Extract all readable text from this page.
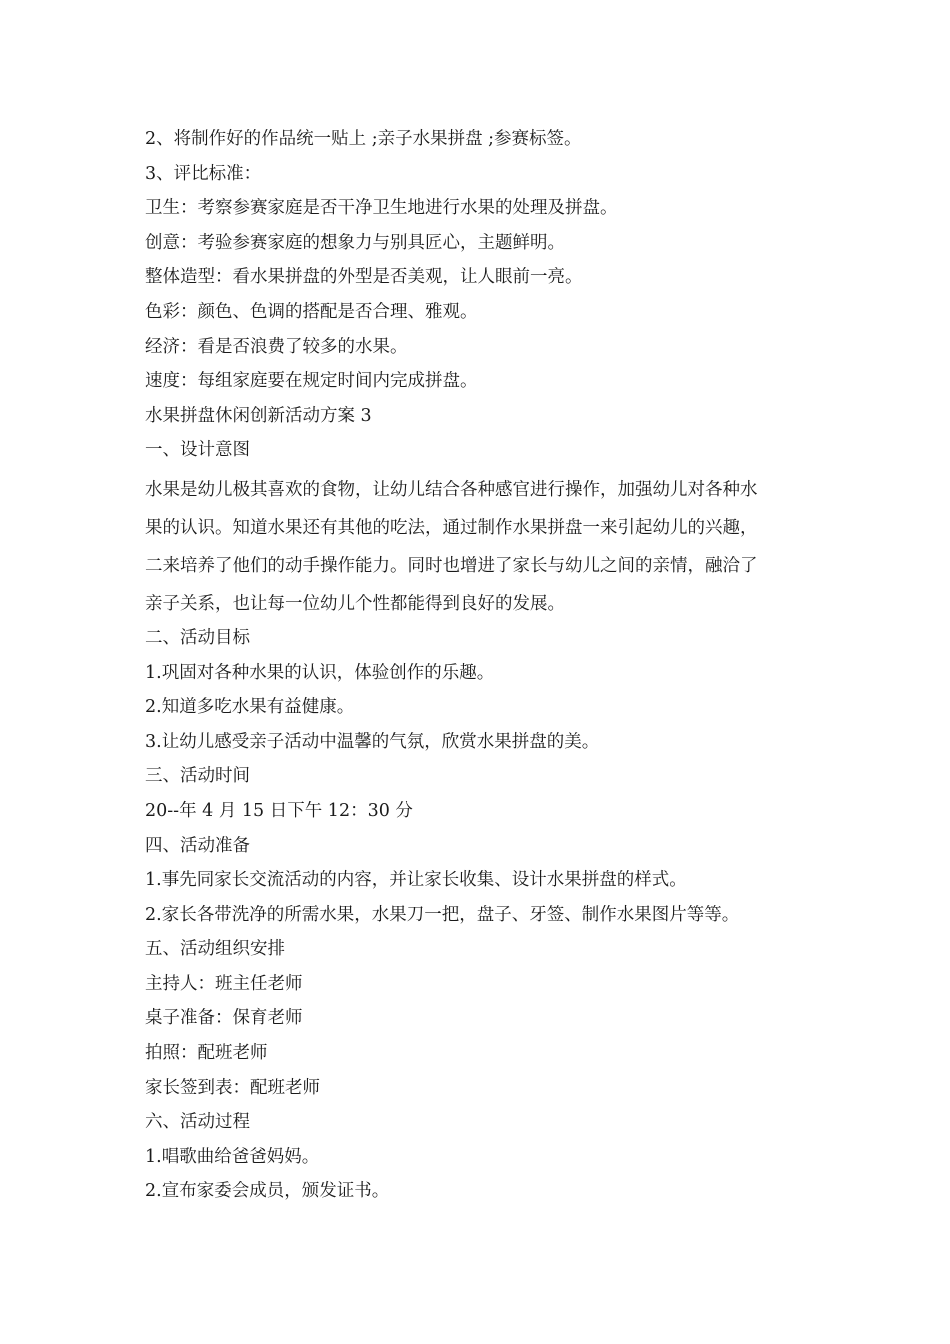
2、将制作好的作品统一贴上 ;亲子水果拼盘 ;参赛标签。

3、评比标准：

卫生：考察参赛家庭是否干净卫生地进行水果的处理及拼盘。

创意：考验参赛家庭的想象力与别具匠心，主题鲜明。

整体造型：看水果拼盘的外型是否美观，让人眼前一亮。

色彩：颜色、色调的搭配是否合理、雅观。

经济：看是否浪费了较多的水果。

速度：每组家庭要在规定时间内完成拼盘。

水果拼盘休闲创新活动方案 3

一、设计意图

水果是幼儿极其喜欢的食物，让幼儿结合各种感官进行操作，加强幼儿对各种水

果的认识。知道水果还有其他的吃法，通过制作水果拼盘一来引起幼儿的兴趣，

二来培养了他们的动手操作能力。同时也增进了家长与幼儿之间的亲情，融洽了

亲子关系，也让每一位幼儿个性都能得到良好的发展。

二、活动目标

1.巩固对各种水果的认识，体验创作的乐趣。

2.知道多吃水果有益健康。

3.让幼儿感受亲子活动中温馨的气氛，欣赏水果拼盘的美。

三、活动时间

20--年 4 月 15 日下午 12：30 分

四、活动准备

1.事先同家长交流活动的内容，并让家长收集、设计水果拼盘的样式。

2.家长各带洗净的所需水果，水果刀一把，盘子、牙签、制作水果图片等等。

五、活动组织安排

主持人：班主任老师

桌子准备：保育老师

拍照：配班老师

家长签到表：配班老师

六、活动过程

1.唱歌曲给爸爸妈妈。

2.宣布家委会成员，颁发证书。
